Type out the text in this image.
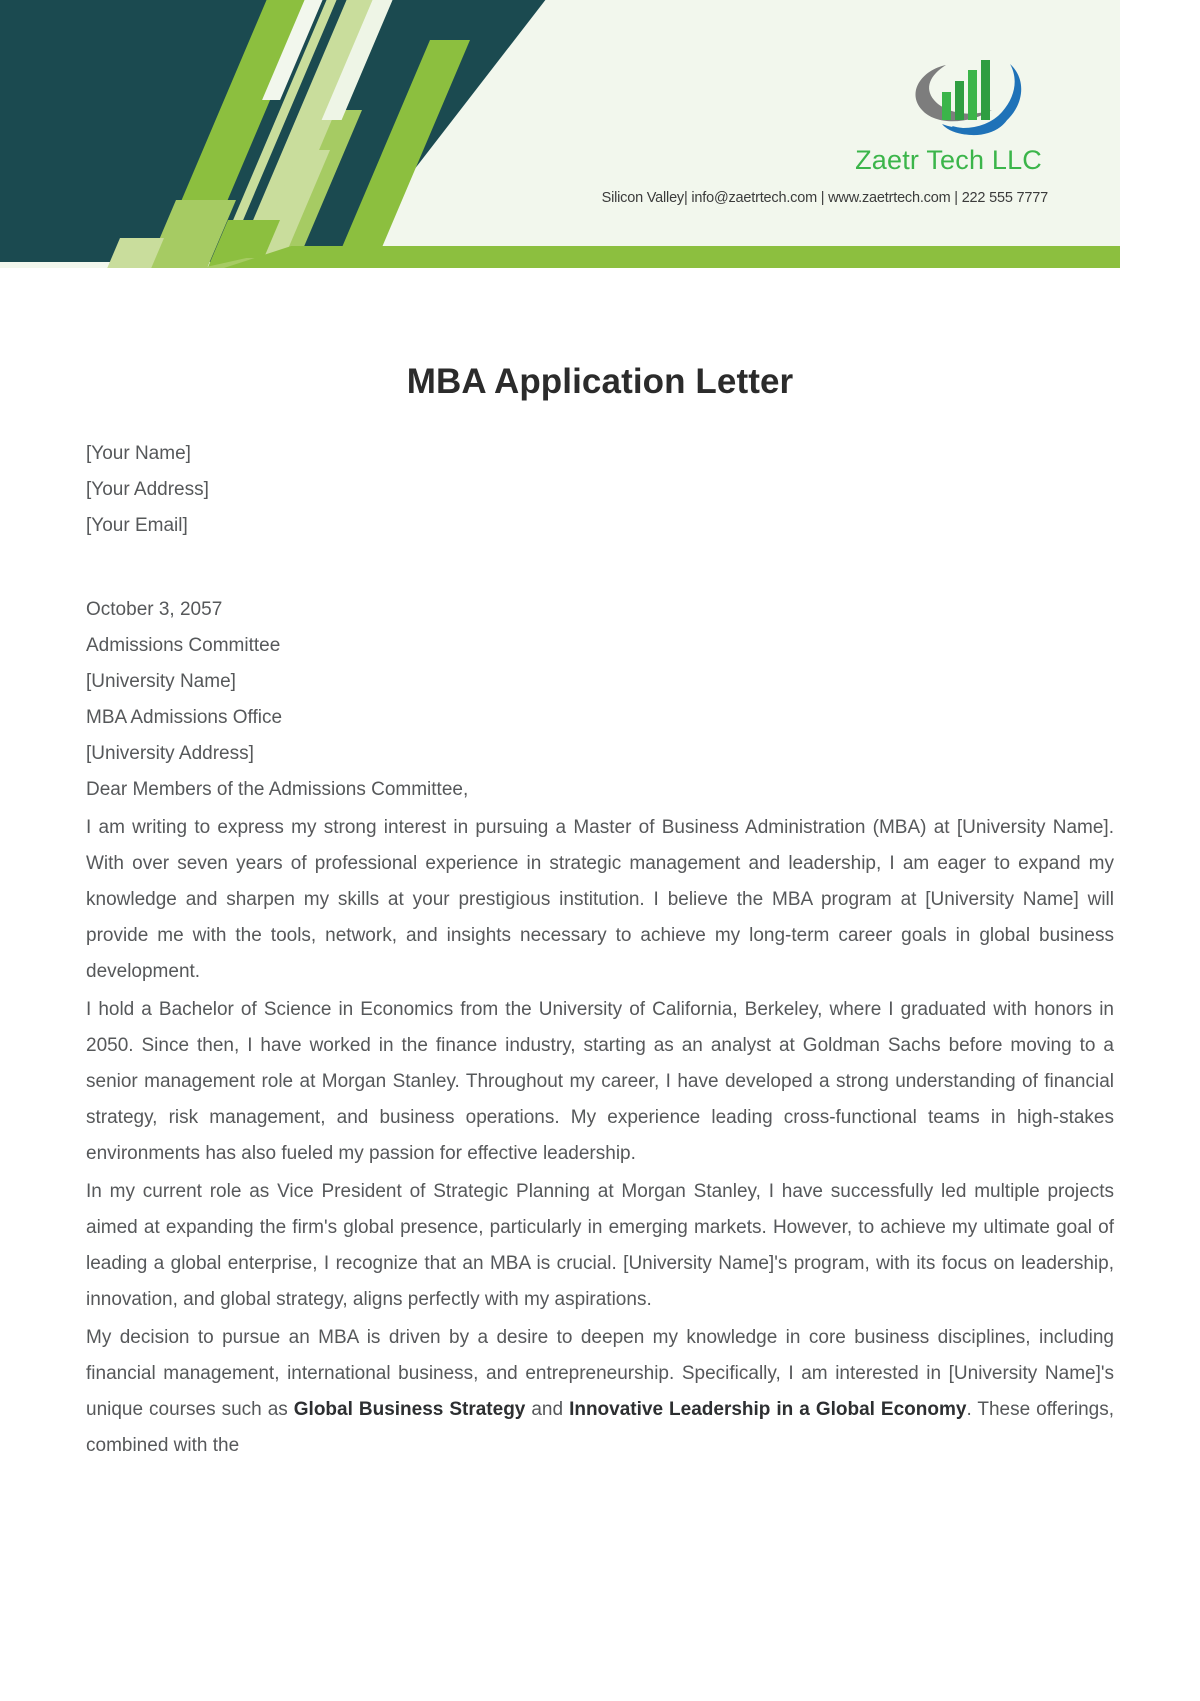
Zaetr Tech LLC
Silicon Valley| info@zaetrtech.com | www.zaetrtech.com | 222 555 7777
MBA Application Letter
[Your Name]
[Your Address]
[Your Email]
October 3, 2057
Admissions Committee
[University Name]
MBA Admissions Office
[University Address]
Dear Members of the Admissions Committee,

I am writing to express my strong interest in pursuing a Master of Business Administration (MBA) at [University Name]. With over seven years of professional experience in strategic management and leadership, I am eager to expand my knowledge and sharpen my skills at your prestigious institution. I believe the MBA program at [University Name] will provide me with the tools, network, and insights necessary to achieve my long-term career goals in global business development.

I hold a Bachelor of Science in Economics from the University of California, Berkeley, where I graduated with honors in 2050. Since then, I have worked in the finance industry, starting as an analyst at Goldman Sachs before moving to a senior management role at Morgan Stanley. Throughout my career, I have developed a strong understanding of financial strategy, risk management, and business operations. My experience leading cross-functional teams in high-stakes environments has also fueled my passion for effective leadership.

In my current role as Vice President of Strategic Planning at Morgan Stanley, I have successfully led multiple projects aimed at expanding the firm's global presence, particularly in emerging markets. However, to achieve my ultimate goal of leading a global enterprise, I recognize that an MBA is crucial. [University Name]'s program, with its focus on leadership, innovation, and global strategy, aligns perfectly with my aspirations.

My decision to pursue an MBA is driven by a desire to deepen my knowledge in core business disciplines, including financial management, international business, and entrepreneurship. Specifically, I am interested in [University Name]'s unique courses such as Global Business Strategy and Innovative Leadership in a Global Economy. These offerings, combined with the
